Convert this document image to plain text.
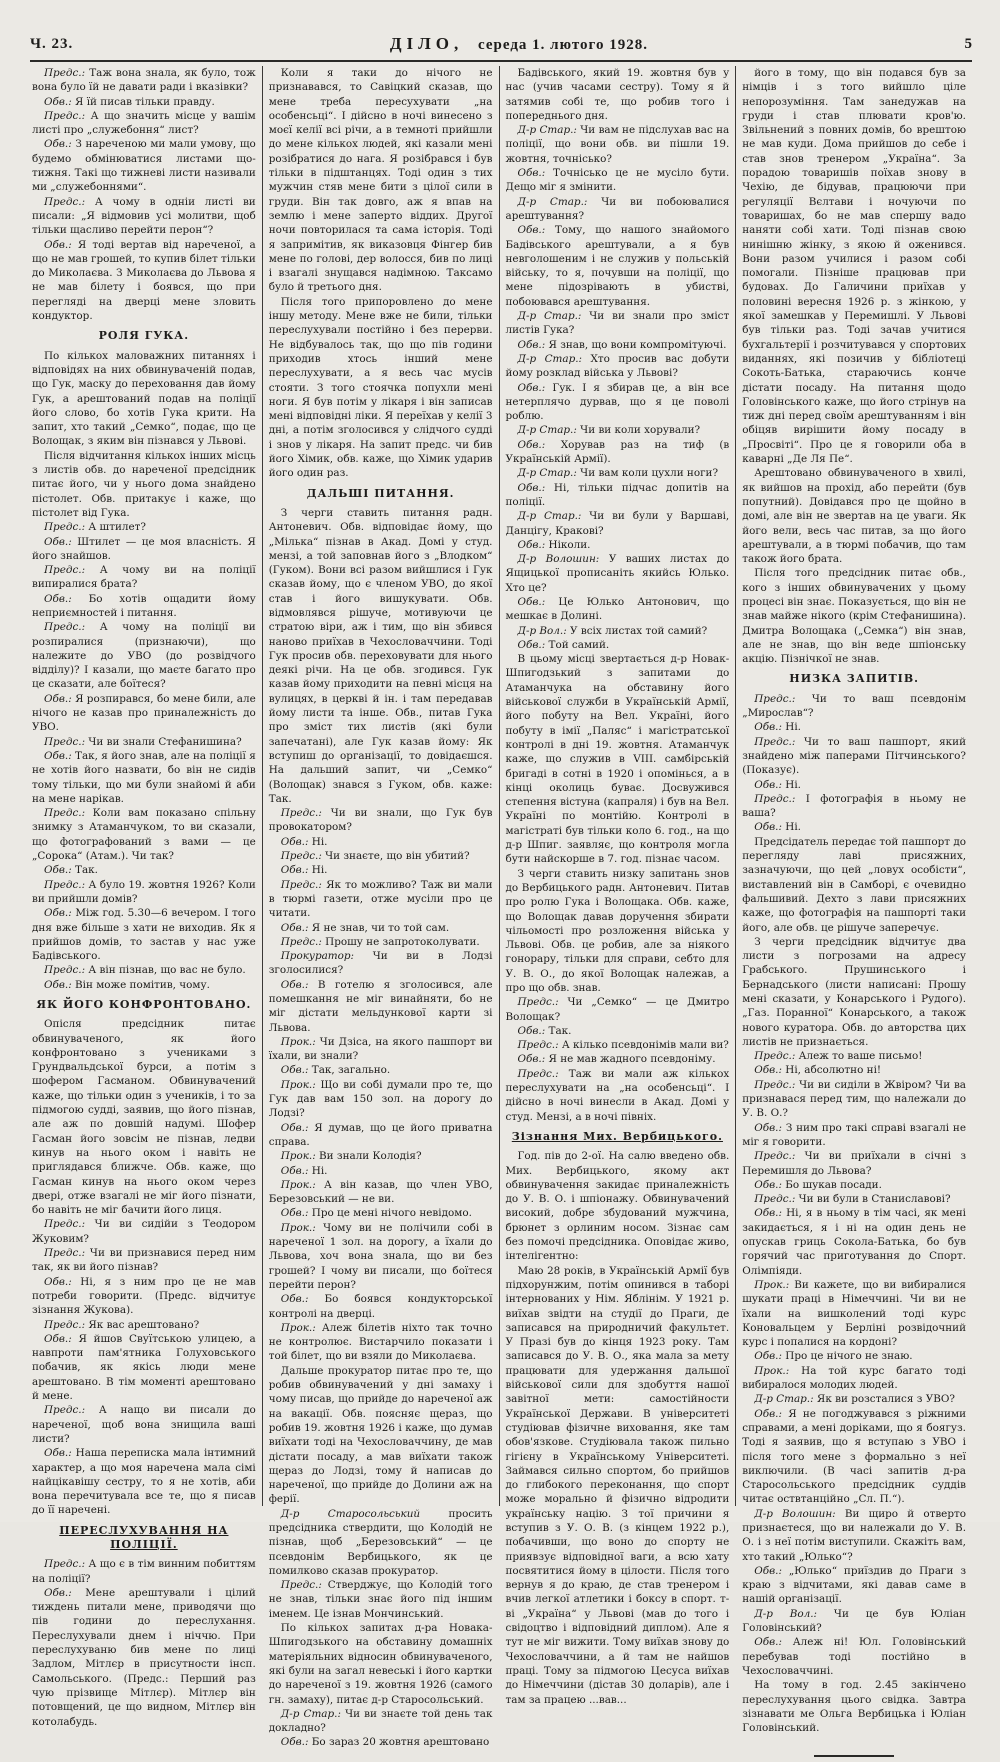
Ч. 23.	ДІЛО, середа 1. лютого 1928.	5

Предс.: Таж вона знала, як було, тож вона було їй не давати ради і вказівки?

Обв.: Я їй писав тільки правду.

Предс.: А що значить місце у вашім листі про „служебоння“ лист?

Обв.: З нареченою ми мали умову, що будемо обмінюватися листами що-тижня. Такі що тижневі листи називали ми „служебоннями“.

Предс.: А чому в одніи листі ви писали: „Я відмовив усі молитви, щоб тільки щасливо перейти перон“?

Обв.: Я тоді вертав від нареченої, а що не мав грошей, то купив білет тільки до Миколаєва. З Миколаєва до Львова я не мав білету і боявся, що при перегляді на дверці мене зловить кондуктор.

РОЛЯ ГУКА.

По кількох маловажних питаннях і відповідях на них обвинуваченій подав, що Гук, маску до переховання дав йому Гук, а арештований подав на поліції його слово, бо хотів Гука крити. На запит, хто такий „Семко“, подає, що це Волощак, з яким він пізнався у Львові.

Після відчитання кількох інших місць з листів обв. до нареченої предсідник питає його, чи у нього дома знайдено пістолет. Обв. притакує і каже, що пістолет від Гука.

Предс.: А штилет?

Обв.: Штилет — це моя власність. Я його знайшов.

Предс.: А чому ви на поліції випиралися брата?

Обв.: Бо хотів ощадити йому неприємностей і питання.

Предс.: А чому на поліції ви розпиралися (признаючи), що належите до УВО (до розвідчого відділу)? І казали, що маєте багато про це сказати, але боїтеся?

Обв.: Я розпирався, бо мене били, але нічого не казав про приналежність до УВО.

Предс.: Чи ви знали Стефанишина?

Обв.: Так, я його знав, але на поліції я не хотів його назвати, бо він не сидів тому тільки, що ми були знайомі й аби на мене нарікав.

Предс.: Коли вам показано спільну знимку з Атаманчуком, то ви сказали, що фотографований з вами — це „Сорока“ (Атам.). Чи так?

Обв.: Так.

Предс.: А було 19. жовтня 1926? Коли ви прийшли домів?

Обв.: Між год. 5.30—6 вечером. І того дня вже більше з хати не виходив. Як я прийшов домів, то застав у нас уже Бадівського.

Предс.: А він пізнав, що вас не було.

Обв.: Він може помітив, чому.

ЯК ЙОГО КОНФРОНТОВАНО.

Опісля предсідник питає обвинуваченого, як його конфронтовано з учениками з Грундвальдської бурси, а потім з шофером Гасманом. Обвинувачений каже, що тільки один з учеників, і то за підмогою судді, заявив, що його пізнав, але аж по довшій надумі. Шофер Гасман його зовсім не пізнав, ледви кинув на нього оком і навіть не приглядався ближче. Обв. каже, що Гасман кинув на нього оком через двері, отже взагалі не міг його пізнати, бо навіть не міг бачити його лиця.

Предс.: Чи ви сидійи з Теодором Жуковим?

Предс.: Чи ви признавися перед ним так, як ви його пізнав?

Обв.: Ні, я з ним про це не мав потреби говорити. (Предс. відчитує зізнання Жукова).

Предс.: Як вас арештовано?

Обв.: Я йшов Свуїтською улицею, а навпроти пам'ятника Голуховського побачив, як якісь люди мене арештовано. В тім моменті арештовано й мене.

Предс.: А нащо ви писали до нареченої, щоб вона знищила ваші листи?

Обв.: Наша переписка мала інтимний характер, а що моя наречена мала сімі найцікавішу сестру, то я не хотів, аби вона перечитувала все те, що я писав до її наречені.

ПЕРЕСЛУХУВАННЯ НА ПОЛІЦІЇ.

Предс.: А що є в тім винним побиттям на поліції?

Обв.: Мене арештували і цілий тиждень питали мене, приводячи що пів години до переслухання. Переслухували днем і ніччю. При переслухуваню бив мене по лиці Задлом, Мітлєр в присутности інсп. Самольського. (Предс.: Перший раз чую прізвище Мітлєр). Мітлєр він потовщений, це що видном, Мітлєр він котолабудь.

Коли я таки до нічого не признавався, то Савіцкий сказав, що мене треба пересухувати „на особенсьці“. І дійсно в ночі винесено з моєї келії всі річи, а в темноті прийшли до мене кількох людей, які казали мені розібратися до нага. Я розібрався і був тільки в підштанцях. Тоді один з тих мужчин стяв мене бити з цілої сили в груди. Він так довго, аж я впав на землю і мене заперто віддих. Другої ночи повторилася та сама історія. Тоді я запримітив, як виказовця Фінгер бив мене по голові, дер волосся, бив по лиці і взагалі знущався надімною. Таксамо було й третього дня.

Після того припоровлено до мене іншу методу. Мене вже не били, тільки переслухували постійно і без перерви. Не відбувалось так, що що пів години приходив хтось інший мене переслухувати, а я весь час мусів стояти. З того стоячка попухли мені ноги. Я був потім у лікаря і він записав мені відповідні ліки. Я переїхав у келії 3 дні, а потім зголосився у слідчого судді і знов у лікаря. На запит предс. чи бив його Хімик, обв. каже, що Хімик ударив його один раз.

ДАЛЬШІ ПИТАННЯ.

З черги ставить питання радн. Антоневич. Обв. відповідає йому, що „Мілька“ пізнав в Акад. Домі у студ. мензі, а той заповнав його з „Влодком“ (Гуком). Вони всі разом вийшлися і Гук сказав йому, що є членом УВО, до якої став і його вишукувати. Обв. відмовлявся рішуче, мотивуючи це стратою віри, аж і тим, що він збився наново приїхав в Чехословаччини. Тоді Гук просив обв. переховувати для нього деякі річи. На це обв. згодився. Гук казав йому приходити на певні місця на вулицях, в церкві й ін. і там передавав йому листи та інше. Обв., питав Гука про зміст тих листів (які були запечатані), але Гук казав йому: Як вступиш до організації, то довідаєшся. На дальший запит, чи „Семко“ (Волощак) знався з Гуком, обв. каже: Так.

Предс.: Чи ви знали, що Гук був провокатором?

Обв.: Ні.

Предс.: Чи знаєте, що він убитий?

Обв.: Ні.

Предс.: Як то можливо? Таж ви мали в тюрмі газети, отже мусіли про це читати.

Обв.: Я не знав, чи то той сам.

Предс.: Прошу не запротоколувати.

Прокуратор: Чи ви в Лодзі зголосилися?

Обв.: В готелю я зголосився, але помешкання не міг винайняти, бо не міг дістати мельдункової карти зі Львова.

Прок.: Чи Дзіса, на якого пашпорт ви їхали, ви знали?

Обв.: Так, загально.

Прок.: Що ви собі думали про те, що Гук дав вам 150 зол. на дорогу до Лодзі?

Обв.: Я думав, що це його приватна справа.

Прок.: Ви знали Колодія?

Обв.: Ні.

Прок.: А він казав, що член УВО, Березовський — не ви.

Обв.: Про це мені нічого невідомо.

Прок.: Чому ви не полічили собі в нареченої 1 зол. на дорогу, а їхали до Львова, хоч вона знала, що ви без грошей? І чому ви писали, що боїтеся перейти перон?

Обв.: Бо боявся кондукторської контролі на дверці.

Прок.: Алеж білетів ніхто так точно не контролює. Вистарчило показати і той білет, що ви взяли до Миколаєва.

Дальше прокуратор питає про те, що робив обвинувачений у дні замаху і чому писав, що прийде до нареченої аж на вакації. Обв. поясняє щераз, що робив 19. жовтня 1926 і каже, що думав виїхати тоді на Чехословаччину, де мав дістати посаду, а мав виїхати також щераз до Лодзі, тому й написав до нареченої, що прийде до Долини аж на ферії.

Д-р Старосольський просить предсідника ствердити, що Колодій не пізнав, щоб „Березовський“ — це псевдонім Вербицького, як це помилково сказав прокуратор.

Предс.: Стверджує, що Колодій того не знав, тільки знає його під іншим іменем. Це ізнав Мончинський.

По кількох запитах д-ра Новака-Шпигодзького на обставину домашніх матеріяльних відносин обвинуваченого, які були на загал невеські і його картки до нареченої з 19. жовтня 1926 (самого гн. замаху), питає д-р Старосольський.

Д-р Стар.: Чи ви знаєте той день так докладно?

Обв.: Бо зараз 20 жовтня арештовано

Бадівського, який 19. жовтня був у нас (учив часами сестру). Тому я й затямив собі те, що робив того і попереднього дня.

Д-р Стар.: Чи вам не підслухав вас на поліції, що вони обв. ви пішли 19. жовтня, точнісько?

Обв.: Точнісько це не мусіло бути. Дещо міг я змінити.

Д-р Стар.: Чи ви побоювалися арештування?

Обв.: Тому, що нашого знайомого Бадівського арештували, а я був невголошеним і не служив у польській війську, то я, почувши на поліції, що мене підозрівають в убистві, побоювався арештування.

Д-р Стар.: Чи ви знали про зміст листів Гука?

Обв.: Я знав, що вони компромітуючі.

Д-р Стар.: Хто просив вас добути йому розклад війська у Львові?

Обв.: Гук. І я збирав це, а він все нетерплячо дурвав, що я це поволі роблю.

Д-р Стар.: Чи ви коли хорували?

Обв.: Хорував раз на тиф (в Українській Армії).

Д-р Стар.: Чи вам коли цухли ноги?

Обв.: Ні, тільки підчас допитів на поліції.

Д-р Стар.: Чи ви були у Варшаві, Данцігу, Кракові?

Обв.: Ніколи.

Д-р Волошин: У ваших листах до Ящицької прописаніть якийсь Юлько. Хто це?

Обв.: Це Юлько Антонович, що мешкає в Долині.

Д-р Вол.: У всіх листах той самий?

Обв.: Той самий.

В цьому місці звертається д-р Новак-Шпигодзький з запитами до Атаманчука на обставину його військової служби в Українській Армії, його побуту на Вел. Україні, його побуту в імії „Паляс“ і магістратської контролі в дні 19. жовтня. Атаманчук каже, що служив в VIII. самбірській бригаді в сотні в 1920 і опомінься, а в кінці околиць буває. Досвужився степення вістуна (капраля) і був на Вел. Україні по монтійю. Контролі в магістраті був тільки коло 6. год., на що д-р Шпиг. заявляє, що контроля могла бути найскорше в 7. год. пізнає часом.

З черги ставить низку запитань знов до Вербицького радн. Антоневич. Питав про ролю Гука і Волощака. Обв. каже, що Волощак давав доручення збирати чільомості про розложення війська у Львові. Обв. це робив, але за ніякого гонорару, тільки для справи, себто для У. В. О., до якої Волощак належав, а про що обв. знав.

Предс.: Чи „Семко“ — це Дмитро Волощак?

Обв.: Так.

Предс.: А кілько псевдонімів мали ви?

Обв.: Я не мав жадного псевдоніму.

Предс.: Таж ви мали аж кількох переслухувати на „на особенсьці“. І дійсно в ночі винесли в Акад. Домі у студ. Мензі, а в ночі півніх.

Зізнання Мих. Вербицького.

Год. пів до 2-ої. На салю введено обв. Мих. Вербицького, якому акт обвинувачення закидає приналежність до У. В. О. і шпіонажу. Обвинувачений високий, добре збудований мужчина, брюнет з орлиним носом. Зізнає сам без помочі предсідника. Оповідає живо, інтелігентно:

Маю 28 років, в Українській Армії був підхорунжим, потім опинився в таборі інтернованих у Нім. Яблінім. У 1921 р. виїхав звідти на студії до Праги, де записався на природничий факультет. У Празі був до кінця 1923 року. Там записався до У. В. О., яка мала за мету працювати для удержання дальшої військової сили для здобуття нашої завітної мети: самостійности Української Держави. В університеті студіював фізичне виховання, яке там обов'язкове. Студіювала також пильно гігієну в Українському Університеті. Займався сильно спортом, бо прийшов до глибокого переконання, що спорт може морально й фізично відродити українську націю. З тої причини я вступив з У. О. В. (з кінцем 1922 р.), побачивши, що воно до спорту не приявзує відповідної ваги, а всю хату посвятитися йому в цілости. Після того вернув я до краю, де став тренером і вчив легкої атлетики і боксу в спорт. т-ві „Україна“ у Львові (мав до того і свідоцтво і відповідний диплом). Але я тут не міг вижити. Тому виїхав знову до Чехословаччини, а й там не найшов праці. Тому за підмогою Цесуса виїхав до Німеччини (дістав 30 доларів), але і там за працею ...вав...

його в тому, що він подався був за німців і з того вийшло ціле непорозуміння. Там занедужав на груди і став плювати кров'ю. Звільнений з повних домів, бо врештою не мав куди. Дома прийшов до себе і став знов тренером „Україна“. За порадою товаришів поїхав знову в Чехію, де бідував, працюючи при регуляції Вєлтави і ночуючи по товаришах, бо не мав спершу вадо наняти собі хати. Тоді пізнав свою нинішню жінку, з якою й оженився. Вони разом училися і разом собі помогали. Пізніше працював при будовах. До Галичини приїхав у половині вересня 1926 р. з жінкою, у якої замешкав у Перемишлі. У Львові був тільки раз. Тоді зачав учитися бухгальтерії і розчитувався у спортових виданнях, які позичив у бібліотеці Сокоть-Батька, стараючись конче дістати посаду. На питання щодо Головінського каже, що його стрінув на тиж дні перед своїм арештуванням і він обіцяв вирішити йому посаду в „Просвіті“. Про це я говорили оба в каварні „Де Ля Пе“.

Арештовано обвинуваченого в хвилі, як вийшов на прохід, або перейти (був попутний). Довідався про це щойно в домі, але він не звертав на це уваги. Як його вели, весь час питав, за що його арештували, а в тюрмі побачив, що там також його брата.

Після того предсідник питає обв., кого з інших обвинувачених у цьому процесі він знає. Показується, що він не знав майже нікого (крім Стефанишина). Дмитра Волощака („Семка“) він знав, але не знав, що він веде шпіонську акцію. Пізнічкої не знав.

НИЗКА ЗАПИТІВ.

Предс.: Чи то ваш псевдонім „Мирослав“?

Обв.: Ні.

Предс.: Чи то ваш пашпорт, який знайдено між паперами Пітчинського? (Показує).

Обв.: Ні.

Предс.: І фотографія в ньому не ваша?

Обв.: Ні.

Предсідатель передає той пашпорт до перегляду лаві присяжних, зазначуючи, що цей „ловух особісти“, виставлений він в Самборі, є очевидно фальшивий. Дехто з лави присяжних каже, що фотографія на пашпорті таки його, але обв. це рішуче заперечує.

З черги предсідник відчитує два листи з погрозами на адресу Грабського. Прушинського і Бернадського (листи написані: Прошу мені сказати, у Конарського і Рудого). „Газ. Поранної“ Конарського, а також нового куратора. Обв. до авторства цих листів не признається.

Предс.: Алеж то ваше письмо!

Обв.: Ні, абсолютно ні!

Предс.: Чи ви сиділи в Жвіром? Чи ва признавася перед тим, що належали до У. В. О.?

Обв.: З ним про такі справі взагалі не міг я говорити.

Предс.: Чи ви приїхали в січні з Перемишля до Львова?

Обв.: Бо шукав посади.

Предс.: Чи ви були в Станиславові?

Обв.: Ні, я в ньому в тім часі, як мені закидається, я і ні на один день не опускав гриць Сокола-Батька, бо був горячий час приготування до Спорт. Олімпіяди.

Прок.: Ви кажете, що ви вибиралися шукати праці в Німеччині. Чи ви не їхали на вишколений тоді курс Коновальцем у Берліні розвідочний курс і попалися на кордоні?

Обв.: Про це нічого не знаю.

Прок.: На той курс багато тоді вибиралося молодих людей.

Д-р Стар.: Як ви розсталися з УВО?

Обв.: Я не погоджувався з ріжними справами, а мені доріками, що я боягуз. Тоді я заявив, що я вступаю з УВО і після того мене з формально з неї виключили. (В часі запитів д-ра Старосольського предсідник суддів читає оствтанційно „Сл. П.“).

Д-р Волошин: Ви щиро й отверто признаєтеся, що ви належали до У. В. О. і з неї потім виступили. Скажіть вам, хто такий „Юлько“?

Обв.: „Юлько“ приїздив до Праги з краю з відчитами, які давав саме в нашій організації.

Д-р Вол.: Чи це був Юліан Головінський?

Обв.: Алеж ні! Юл. Головінський перебував тоді постійно в Чехословаччині.

На тому в год. 2.45 закінчено переслухування цього свідка. Завтра зізнавати ме Ольга Вербицька і Юліан Головінський.
